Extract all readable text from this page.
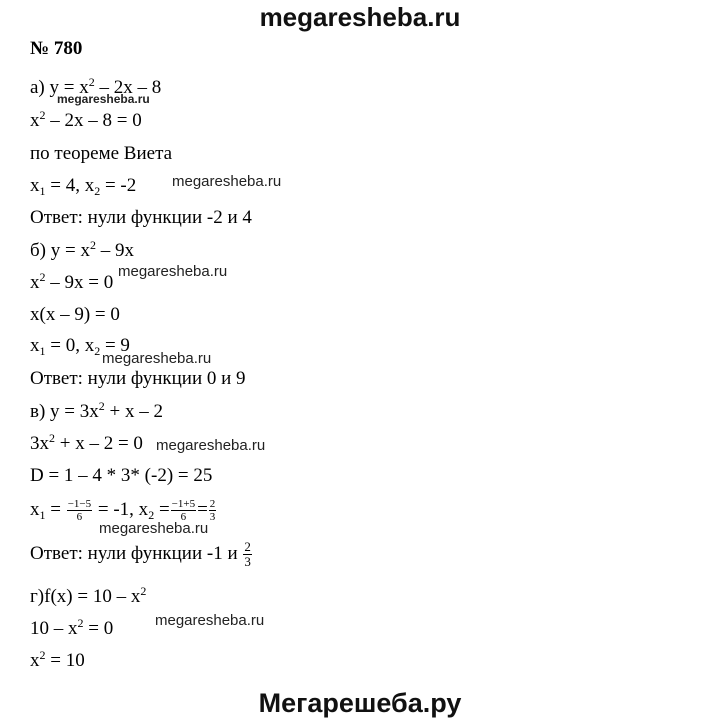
megaresheba.ru
№ 780
а) $y = x^2 - 2x - 8$
$x^2 - 2x - 8 = 0$
по теореме Виета
$x_1 = 4$, $x_2 = -2$
Ответ: нули функции -2 и 4
б) $y = x^2 - 9x$
$x^2 - 9x = 0$
x(x – 9) = 0
$x_1 = 0$, $x_2 = 9$
Ответ: нули функции 0 и 9
в) $y = 3x^2 + x - 2$
$3x^2 + x - 2 = 0$
D = 1 – 4 * 3* (-2) = 25
$x_1 = \frac{-1-5}{6} = -1$, $x_2 = \frac{-1+5}{6} = \frac{2}{3}$
Ответ: нули функции -1 и $\frac{2}{3}$
$г)f(x) = 10 - x^2$
$10 - x^2 = 0$
$x^2 = 10$
megaresheba.ru
megaresheba.ru
megaresheba.ru
megaresheba.ru
megaresheba.ru
megaresheba.ru
megaresheba.ru
Мегарешеба.ру
